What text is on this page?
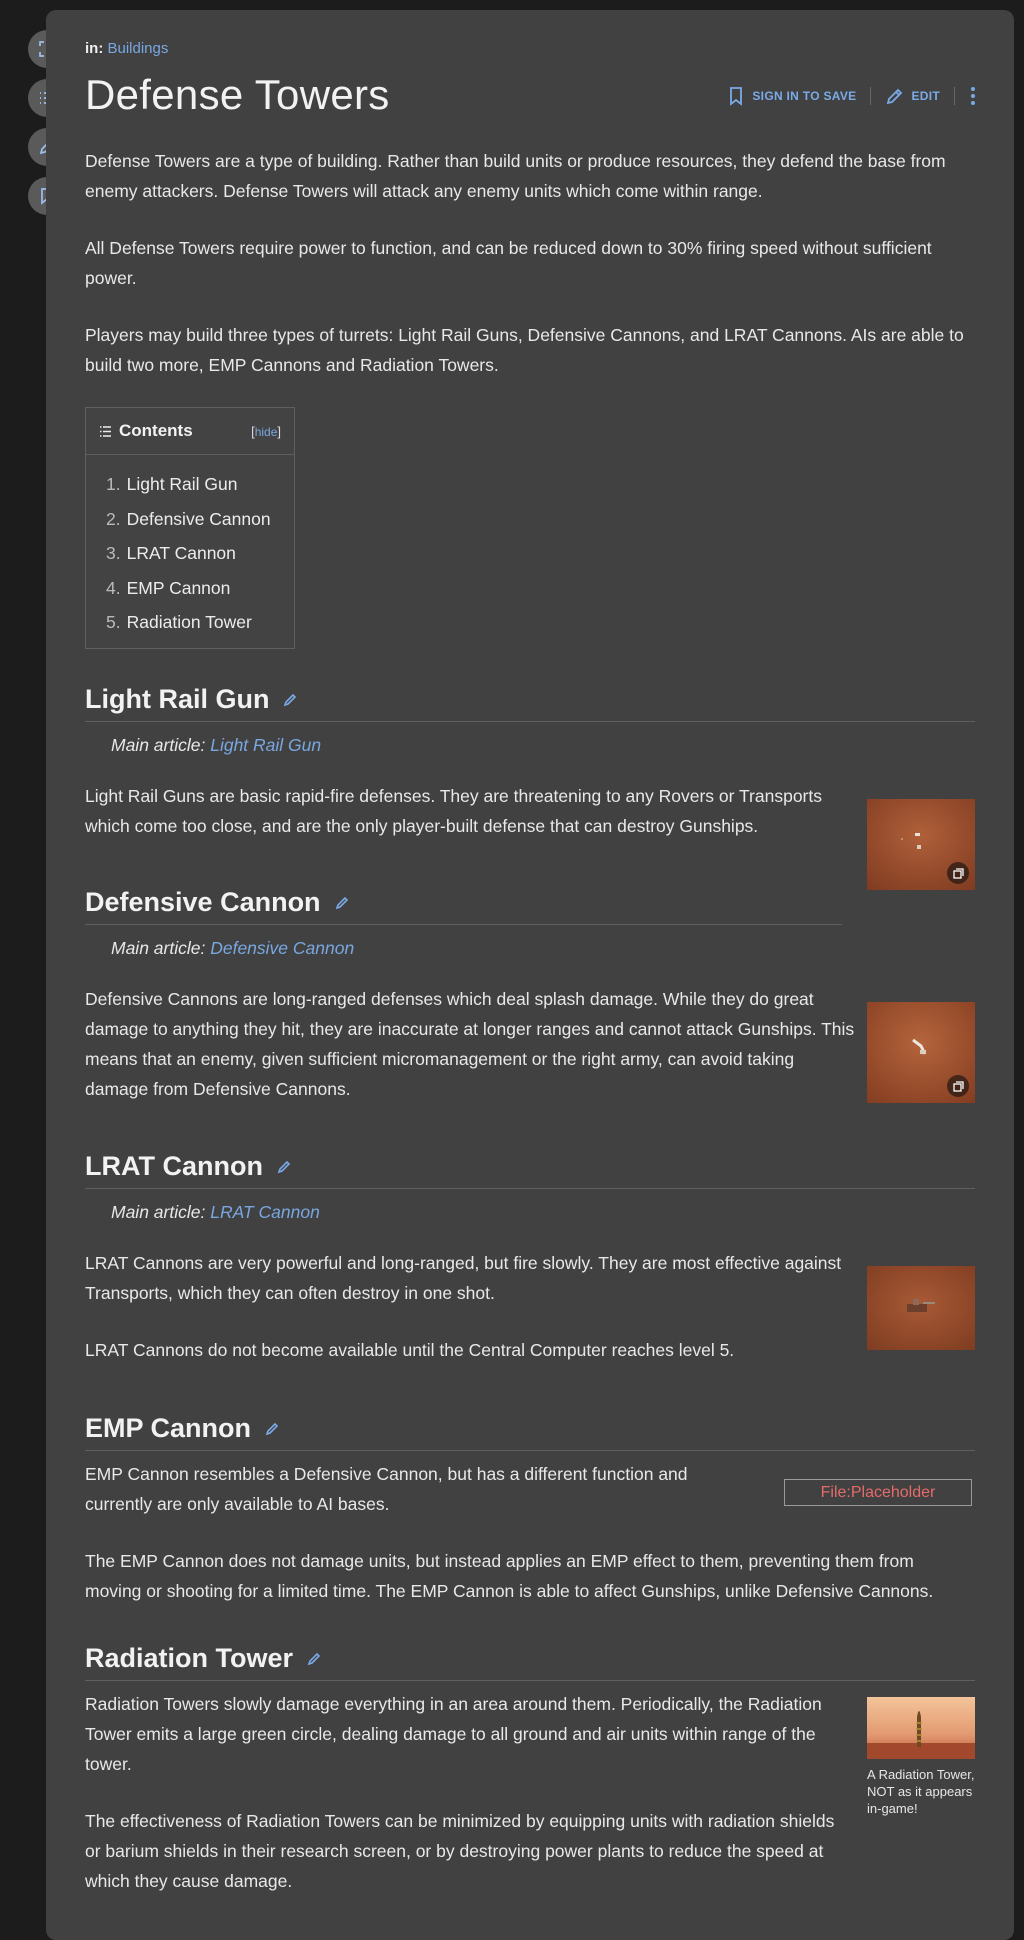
in: Buildings
Defense Towers	SIGN IN TO SAVE	EDIT

Defense Towers are a type of building. Rather than build units or produce resources, they defend the base from enemy attackers. Defense Towers will attack any enemy units which come within range.

All Defense Towers require power to function, and can be reduced down to 30% firing speed without sufficient power.

Players may build three types of turrets: Light Rail Guns, Defensive Cannons, and LRAT Cannons. AIs are able to build two more, EMP Cannons and Radiation Towers.

Contents	[hide]
1. Light Rail Gun
2. Defensive Cannon
3. LRAT Cannon
4. EMP Cannon
5. Radiation Tower
Light Rail Gun
Main article: Light Rail Gun

Light Rail Guns are basic rapid-fire defenses. They are threatening to any Rovers or Transports which come too close, and are the only player-built defense that can destroy Gunships.

Defensive Cannon
Main article: Defensive Cannon

Defensive Cannons are long-ranged defenses which deal splash damage. While they do great damage to anything they hit, they are inaccurate at longer ranges and cannot attack Gunships. This means that an enemy, given sufficient micromanagement or the right army, can avoid taking damage from Defensive Cannons.

LRAT Cannon
Main article: LRAT Cannon

LRAT Cannons are very powerful and long-ranged, but fire slowly. They are most effective against Transports, which they can often destroy in one shot.

LRAT Cannons do not become available until the Central Computer reaches level 5.

EMP Cannon

EMP Cannon resembles a Defensive Cannon, but has a different function and currently are only available to AI bases.

File:Placeholder

The EMP Cannon does not damage units, but instead applies an EMP effect to them, preventing them from moving or shooting for a limited time. The EMP Cannon is able to affect Gunships, unlike Defensive Cannons.

Radiation Tower

Radiation Towers slowly damage everything in an area around them. Periodically, the Radiation Tower emits a large green circle, dealing damage to all ground and air units within range of the tower.

The effectiveness of Radiation Towers can be minimized by equipping units with radiation shields or barium shields in their research screen, or by destroying power plants to reduce the speed at which they cause damage.

A Radiation Tower, NOT as it appears in-game!
